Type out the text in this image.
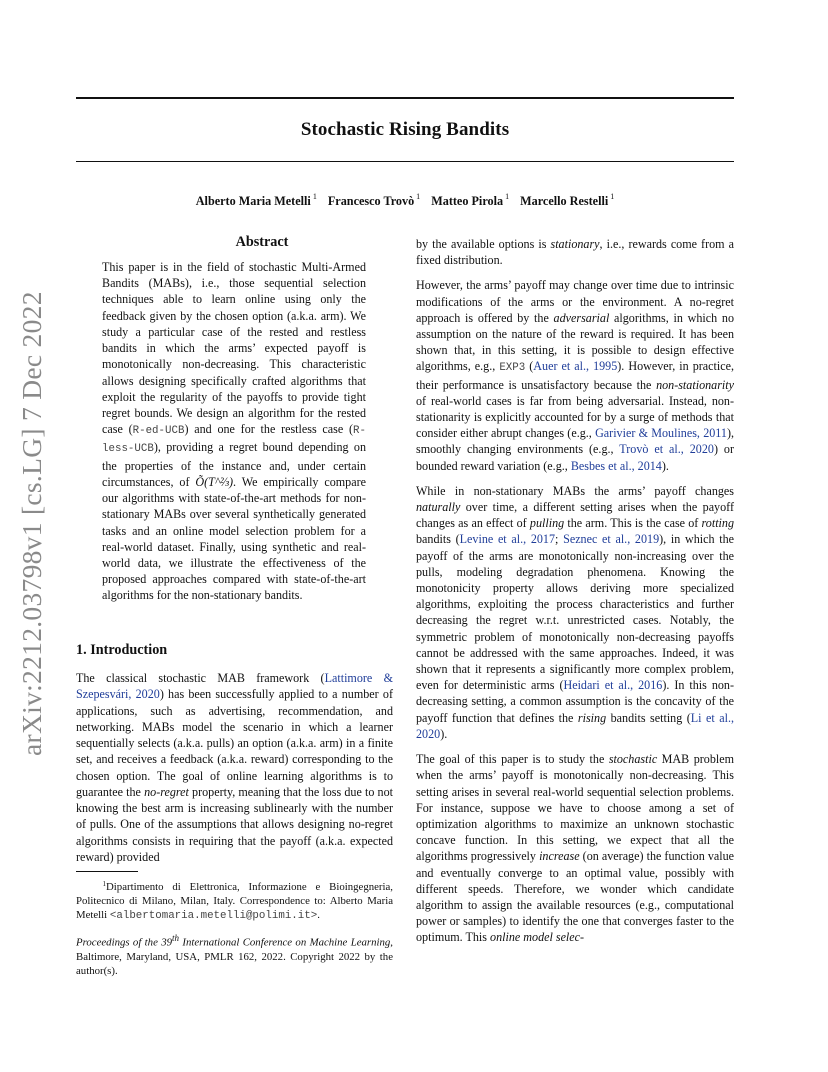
Stochastic Rising Bandits
Alberto Maria Metelli $^1$ Francesco Trovò $^1$ Matteo Pirola $^1$ Marcello Restelli $^1$
arXiv:2212.03798v1 [cs.LG] 7 Dec 2022
Abstract
This paper is in the field of stochastic Multi-Armed Bandits (MABs), i.e., those sequential selection techniques able to learn online using only the feedback given by the chosen option (a.k.a. arm). We study a particular case of the rested and restless bandits in which the arms’ expected payoff is monotonically non-decreasing. This characteristic allows designing specifically crafted algorithms that exploit the regularity of the payoffs to provide tight regret bounds. We design an algorithm for the rested case (R-ed-UCB) and one for the restless case (R-less-UCB), providing a regret bound depending on the properties of the instance and, under certain circumstances, of Õ(T^⅔). We empirically compare our algorithms with state-of-the-art methods for non-stationary MABs over several synthetically generated tasks and an online model selection problem for a real-world dataset. Finally, using synthetic and real-world data, we illustrate the effectiveness of the proposed approaches compared with state-of-the-art algorithms for the non-stationary bandits.
1. Introduction
The classical stochastic MAB framework (Lattimore & Szepesvári, 2020) has been successfully applied to a number of applications, such as advertising, recommendation, and networking. MABs model the scenario in which a learner sequentially selects (a.k.a. pulls) an option (a.k.a. arm) in a finite set, and receives a feedback (a.k.a. reward) corresponding to the chosen option. The goal of online learning algorithms is to guarantee the no-regret property, meaning that the loss due to not knowing the best arm is increasing sublinearly with the number of pulls. One of the assumptions that allows designing no-regret algorithms consists in requiring that the payoff (a.k.a. expected reward) provided
$^1$Dipartimento di Elettronica, Informazione e Bioingegneria, Politecnico di Milano, Milan, Italy. Correspondence to: Alberto Maria Metelli <albertomaria.metelli@polimi.it>.
Proceedings of the 39th International Conference on Machine Learning, Baltimore, Maryland, USA, PMLR 162, 2022. Copyright 2022 by the author(s).

by the available options is stationary, i.e., rewards come from a fixed distribution.

However, the arms’ payoff may change over time due to intrinsic modifications of the arms or the environment. A no-regret approach is offered by the adversarial algorithms, in which no assumption on the nature of the reward is required. It has been shown that, in this setting, it is possible to design effective algorithms, e.g., EXP3 (Auer et al., 1995). However, in practice, their performance is unsatisfactory because the non-stationarity of real-world cases is far from being adversarial. Instead, non-stationarity is explicitly accounted for by a surge of methods that consider either abrupt changes (e.g., Garivier & Moulines, 2011), smoothly changing environments (e.g., Trovò et al., 2020) or bounded reward variation (e.g., Besbes et al., 2014).

While in non-stationary MABs the arms’ payoff changes naturally over time, a different setting arises when the payoff changes as an effect of pulling the arm. This is the case of rotting bandits (Levine et al., 2017; Seznec et al., 2019), in which the payoff of the arms are monotonically non-increasing over the pulls, modeling degradation phenomena. Knowing the monotonicity property allows deriving more specialized algorithms, exploiting the process characteristics and further decreasing the regret w.r.t. unrestricted cases. Notably, the symmetric problem of monotonically non-decreasing payoffs cannot be addressed with the same approaches. Indeed, it was shown that it represents a significantly more complex problem, even for deterministic arms (Heidari et al., 2016). In this non-decreasing setting, a common assumption is the concavity of the payoff function that defines the rising bandits setting (Li et al., 2020).

The goal of this paper is to study the stochastic MAB problem when the arms’ payoff is monotonically non-decreasing. This setting arises in several real-world sequential selection problems. For instance, suppose we have to choose among a set of optimization algorithms to maximize an unknown stochastic concave function. In this setting, we expect that all the algorithms progressively increase (on average) the function value and eventually converge to an optimal value, possibly with different speeds. Therefore, we wonder which candidate algorithm to assign the available resources (e.g., computational power or samples) to identify the one that converges faster to the optimum. This online model selec-
